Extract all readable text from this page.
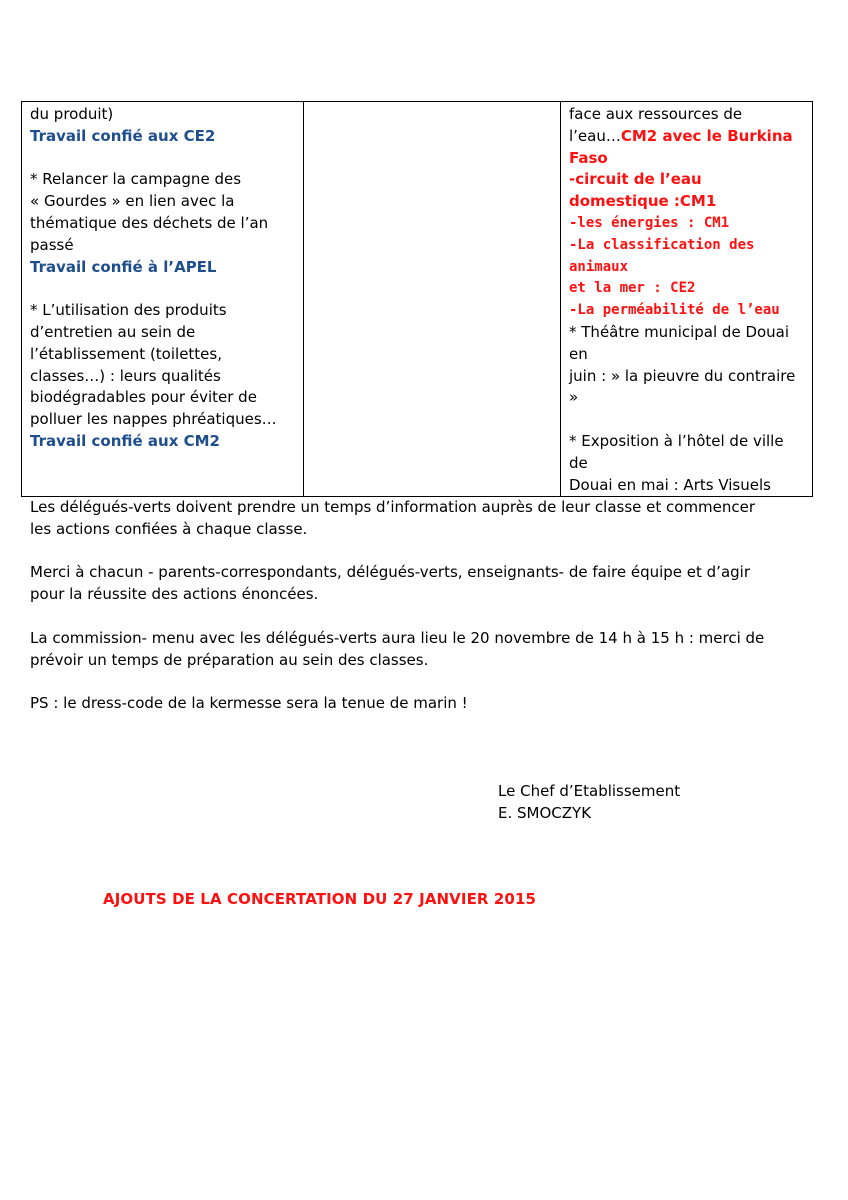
du produit)
Travail confié aux CE2
* Relancer la campagne des
« Gourdes » en lien avec la
thématique des déchets de l’an
passé
Travail confié à l’APEL
* L’utilisation des produits
d’entretien au sein de
l’établissement (toilettes,
classes…) : leurs qualités
biodégradables pour éviter de
polluer les nappes phréatiques…
Travail confié aux CM2

face aux ressources de
l’eau…CM2 avec le Burkina
Faso
-circuit de l’eau
domestique :CM1
-les énergies : CM1
-La classification des animaux
et la mer : CE2
-La perméabilité de l’eau
* Théâtre municipal de Douai  en
juin : » la pieuvre du contraire »
* Exposition à l’hôtel de ville de
Douai en mai : Arts Visuels
Les délégués-verts doivent prendre un temps d’information auprès de leur classe et commencer
les actions confiées à chaque classe.
Merci à chacun - parents-correspondants, délégués-verts, enseignants- de faire équipe et d’agir
pour la réussite des actions énoncées.
La commission- menu avec les délégués-verts aura lieu le 20 novembre de 14 h à 15 h : merci de
prévoir un temps de préparation au sein des classes.
PS : le dress-code de la kermesse sera la tenue de marin !
Le Chef d’Etablissement
E. SMOCZYK
AJOUTS DE LA CONCERTATION DU 27 JANVIER 2015
